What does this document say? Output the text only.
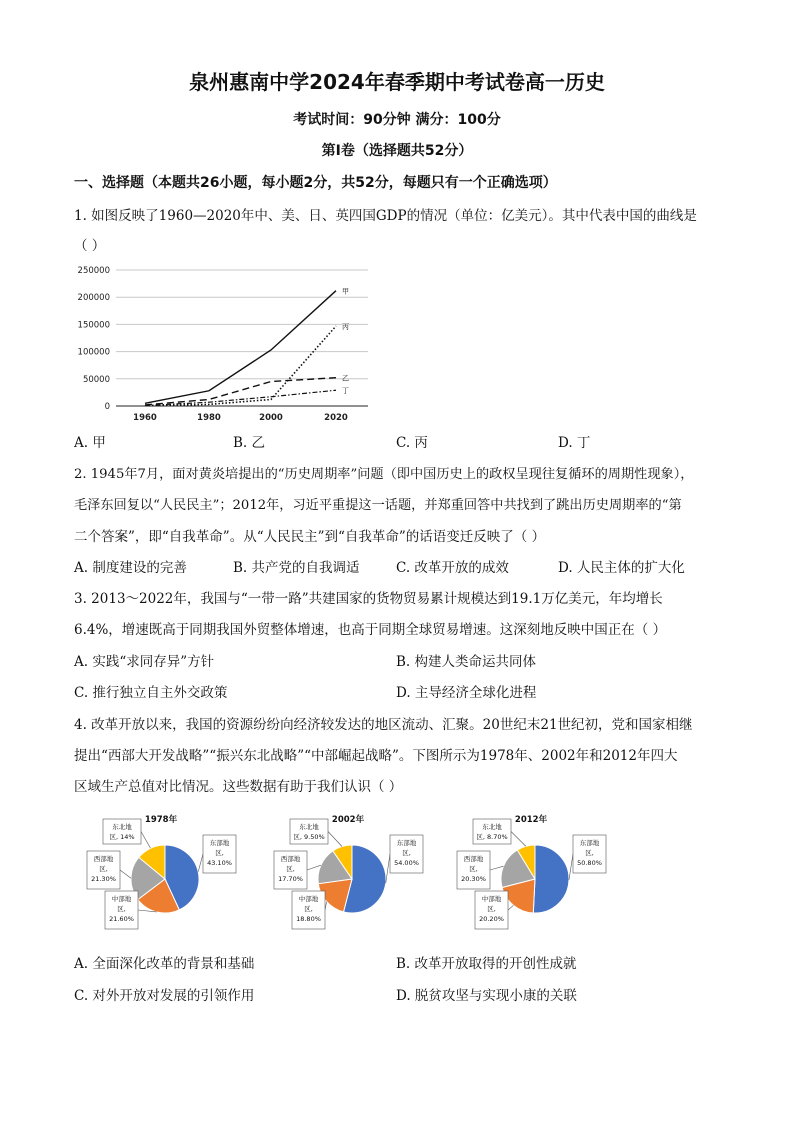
泉州惠南中学2024年春季期中考试卷高一历史
考试时间：90分钟 满分：100分
第Ⅰ卷（选择题共52分）
一、选择题（本题共26小题，每小题2分，共52分，每题只有一个正确选项）
1. 如图反映了1960—2020年中、美、日、英四国GDP的情况（单位：亿美元）。其中代表中国的曲线是
（ ）
0
50000
100000
150000
200000
250000
1960	1980	2000	2020
甲
乙
丙
丁
A. 甲	B. 乙	C. 丙	D. 丁
2. 1945年7月，面对黄炎培提出的“历史周期率”问题（即中国历史上的政权呈现往复循环的周期性现象），
毛泽东回复以“人民民主”；2012年，习近平重提这一话题，并郑重回答中共找到了跳出历史周期率的“第
二个答案”，即“自我革命”。从“人民民主”到“自我革命”的话语变迁反映了（ ）
A. 制度建设的完善	B. 共产党的自我调适	C. 改革开放的成效	D. 人民主体的扩大化
3. 2013～2022年，我国与“一带一路”共建国家的货物贸易累计规模达到19.1万亿美元，年均增长
6.4%，增速既高于同期我国外贸整体增速，也高于同期全球贸易增速。这深刻地反映中国正在（ ）
A. 实践“求同存异”方针	B. 构建人类命运共同体
C. 推行独立自主外交政策	D. 主导经济全球化进程
4. 改革开放以来，我国的资源纷纷向经济较发达的地区流动、汇聚。20世纪末21世纪初，党和国家相继
提出“西部大开发战略”“振兴东北战略”“中部崛起战略”。下图所示为1978年、2002年和2012年四大
区域生产总值对比情况。这些数据有助于我们认识（ ）
1978年
东部地
区,
43.10%
中部地
区,
21.60%
西部地
区,
21.30%
东北地
区, 14%
2002年
东部地
区,
54.00%
中部地
区,
18.80%
西部地
区,
17.70%
东北地
区, 9.50%
2012年
东部地
区,
50.80%
中部地
区,
20.20%
西部地
区,
20.30%
东北地
区, 8.70%
A. 全面深化改革的背景和基础	B. 改革开放取得的开创性成就
C. 对外开放对发展的引领作用	D. 脱贫攻坚与实现小康的关联
